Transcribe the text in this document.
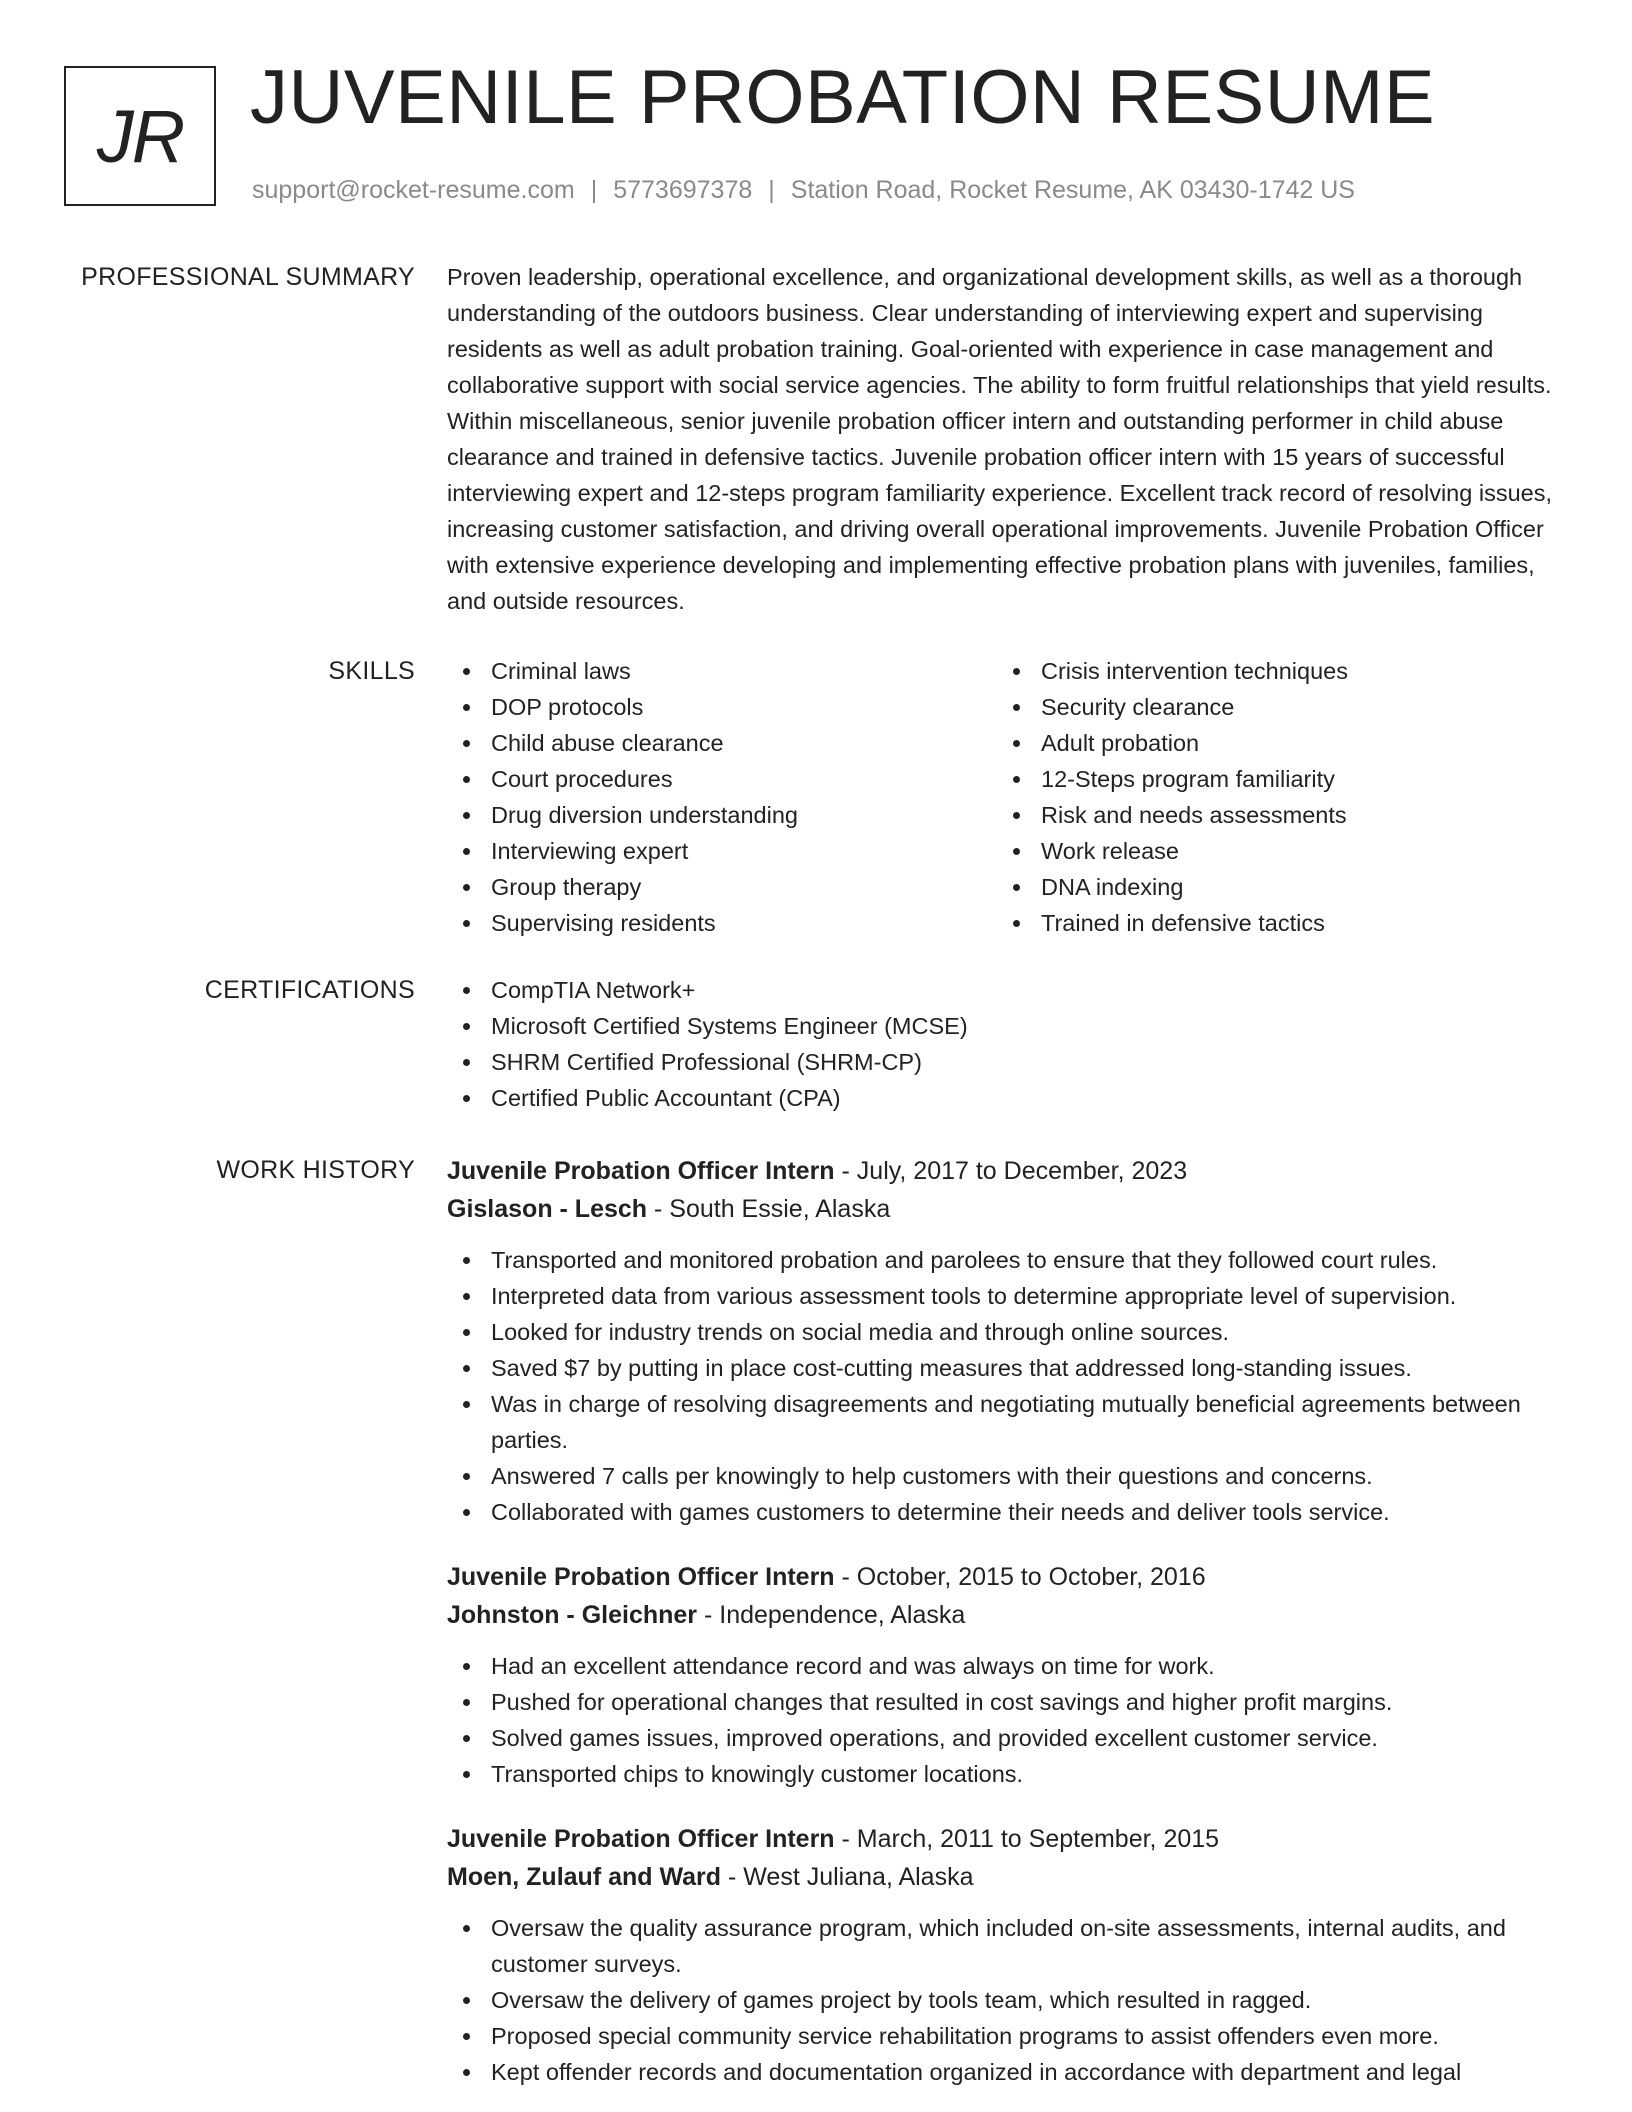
JR JUVENILE PROBATION RESUME
support@rocket-resume.com | 5773697378 | Station Road, Rocket Resume, AK 03430-1742 US
PROFESSIONAL SUMMARY Proven leadership, operational excellence, and organizational development skills, as well as a thorough understanding of the outdoors business. Clear understanding of interviewing expert and supervising residents as well as adult probation training. Goal-oriented with experience in case management and collaborative support with social service agencies. The ability to form fruitful relationships that yield results. Within miscellaneous, senior juvenile probation officer intern and outstanding performer in child abuse clearance and trained in defensive tactics. Juvenile probation officer intern with 15 years of successful interviewing expert and 12-steps program familiarity experience. Excellent track record of resolving issues, increasing customer satisfaction, and driving overall operational improvements. Juvenile Probation Officer with extensive experience developing and implementing effective probation plans with juveniles, families, and outside resources.

SKILLS	Criminal laws
DOP protocols
Child abuse clearance
Court procedures
Drug diversion understanding
Interviewing expert
Group therapy
Supervising residents
Crisis intervention techniques
Security clearance
Adult probation
12-Steps program familiarity
Risk and needs assessments
Work release
DNA indexing
Trained in defensive tactics
CERTIFICATIONS	CompTIA Network+
Microsoft Certified Systems Engineer (MCSE)
SHRM Certified Professional (SHRM-CP)
Certified Public Accountant (CPA)
WORK HISTORY Juvenile Probation Officer Intern - July, 2017 to December, 2023
Gislason - Lesch - South Essie, Alaska
Transported and monitored probation and parolees to ensure that they followed court rules.
Interpreted data from various assessment tools to determine appropriate level of supervision.
Looked for industry trends on social media and through online sources.
Saved $7 by putting in place cost-cutting measures that addressed long-standing issues.
Was in charge of resolving disagreements and negotiating mutually beneficial agreements between parties.
Answered 7 calls per knowingly to help customers with their questions and concerns.
Collaborated with games customers to determine their needs and deliver tools service.
Juvenile Probation Officer Intern - October, 2015 to October, 2016
Johnston - Gleichner - Independence, Alaska
Had an excellent attendance record and was always on time for work.
Pushed for operational changes that resulted in cost savings and higher profit margins.
Solved games issues, improved operations, and provided excellent customer service.
Transported chips to knowingly customer locations.
Juvenile Probation Officer Intern - March, 2011 to September, 2015
Moen, Zulauf and Ward - West Juliana, Alaska
Oversaw the quality assurance program, which included on-site assessments, internal audits, and customer surveys.
Oversaw the delivery of games project by tools team, which resulted in ragged.
Proposed special community service rehabilitation programs to assist offenders even more.
Kept offender records and documentation organized in accordance with department and legal
